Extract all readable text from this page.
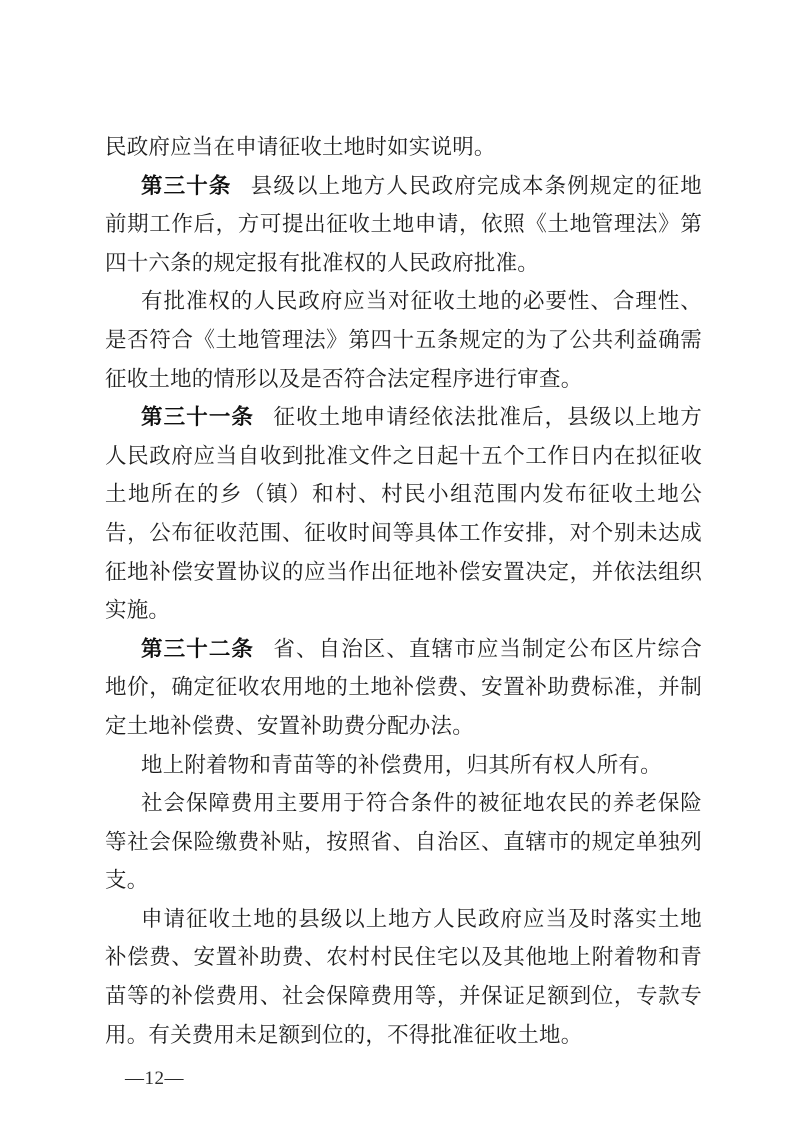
民政府应当在申请征收土地时如实说明。

第三十条 县级以上地方人民政府完成本条例规定的征地前期工作后，方可提出征收土地申请，依照《土地管理法》第四十六条的规定报有批准权的人民政府批准。

有批准权的人民政府应当对征收土地的必要性、合理性、是否符合《土地管理法》第四十五条规定的为了公共利益确需征收土地的情形以及是否符合法定程序进行审查。

第三十一条 征收土地申请经依法批准后，县级以上地方人民政府应当自收到批准文件之日起十五个工作日内在拟征收土地所在的乡（镇）和村、村民小组范围内发布征收土地公告，公布征收范围、征收时间等具体工作安排，对个别未达成征地补偿安置协议的应当作出征地补偿安置决定，并依法组织实施。

第三十二条 省、自治区、直辖市应当制定公布区片综合地价，确定征收农用地的土地补偿费、安置补助费标准，并制定土地补偿费、安置补助费分配办法。

地上附着物和青苗等的补偿费用，归其所有权人所有。

社会保障费用主要用于符合条件的被征地农民的养老保险等社会保险缴费补贴，按照省、自治区、直辖市的规定单独列支。

申请征收土地的县级以上地方人民政府应当及时落实土地补偿费、安置补助费、农村村民住宅以及其他地上附着物和青苗等的补偿费用、社会保障费用等，并保证足额到位，专款专用。有关费用未足额到位的，不得批准征收土地。

—12—
